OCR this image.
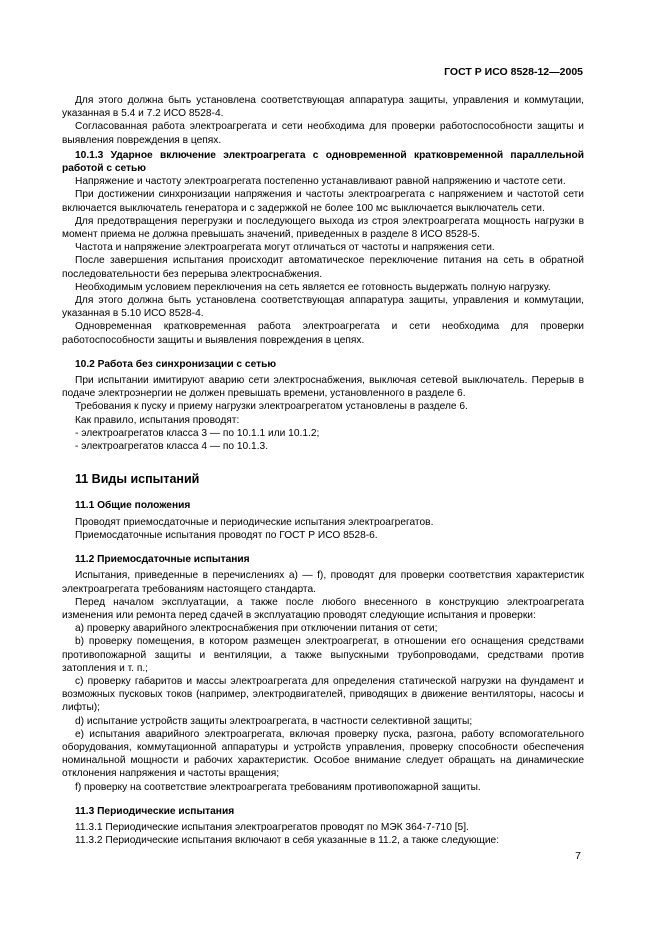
ГОСТ Р ИСО 8528-12—2005

Для этого должна быть установлена соответствующая аппаратура защиты, управления и коммутации, указанная в 5.4 и 7.2 ИСО 8528-4.

Согласованная работа электроагрегата и сети необходима для проверки работоспособности защиты и выявления повреждения в цепях.

10.1.3 Ударное включение электроагрегата с одновременной кратковременной параллельной работой с сетью

Напряжение и частоту электроагрегата постепенно устанавливают равной напряжению и частоте сети.

При достижении синхронизации напряжения и частоты электроагрегата с напряжением и частотой сети включается выключатель генератора и с задержкой не более 100 мс выключается выключатель сети.

Для предотвращения перегрузки и последующего выхода из строя электроагрегата мощность нагрузки в момент приема не должна превышать значений, приведенных в разделе 8 ИСО 8528-5.

Частота и напряжение электроагрегата могут отличаться от частоты и напряжения сети.

После завершения испытания происходит автоматическое переключение питания на сеть в обратной последовательности без перерыва электроснабжения.

Необходимым условием переключения на сеть является ее готовность выдержать полную нагрузку.

Для этого должна быть установлена соответствующая аппаратура защиты, управления и коммутации, указанная в 5.10 ИСО 8528-4.

Одновременная кратковременная работа электроагрегата и сети необходима для проверки работоспособности защиты и выявления повреждения в цепях.

10.2 Работа без синхронизации с сетью

При испытании имитируют аварию сети электроснабжения, выключая сетевой выключатель. Перерыв в подаче электроэнергии не должен превышать времени, установленного в разделе 6.

Требования к пуску и приему нагрузки электроагрегатом установлены в разделе 6.

Как правило, испытания проводят:

- электроагрегатов класса 3 — по 10.1.1 или 10.1.2;

- электроагрегатов класса 4 — по 10.1.3.

11 Виды испытаний

11.1 Общие положения

Проводят приемосдаточные и периодические испытания электроагрегатов.

Приемосдаточные испытания проводят по ГОСТ Р ИСО 8528-6.

11.2 Приемосдаточные испытания

Испытания, приведенные в перечислениях а) — f), проводят для проверки соответствия характеристик электроагрегата требованиям настоящего стандарта.

Перед началом эксплуатации, а также после любого внесенного в конструкцию электроагрегата изменения или ремонта перед сдачей в эксплуатацию проводят следующие испытания и проверки:

а) проверку аварийного электроснабжения при отключении питания от сети;

b) проверку помещения, в котором размещен электроагрегат, в отношении его оснащения средствами противопожарной защиты и вентиляции, а также выпускными трубопроводами, средствами против затопления и т. п.;

с) проверку габаритов и массы электроагрегата для определения статической нагрузки на фундамент и возможных пусковых токов (например, электродвигателей, приводящих в движение вентиляторы, насосы и лифты);

d) испытание устройств защиты электроагрегата, в частности селективной защиты;

e) испытания аварийного электроагрегата, включая проверку пуска, разгона, работу вспомогательного оборудования, коммутационной аппаратуры и устройств управления, проверку способности обеспечения номинальной мощности и рабочих характеристик. Особое внимание следует обращать на динамические отклонения напряжения и частоты вращения;

f) проверку на соответствие электроагрегата требованиям противопожарной защиты.

11.3 Периодические испытания

11.3.1 Периодические испытания электроагрегатов проводят по МЭК 364-7-710 [5].

11.3.2 Периодические испытания включают в себя указанные в 11.2, а также следующие:

7
